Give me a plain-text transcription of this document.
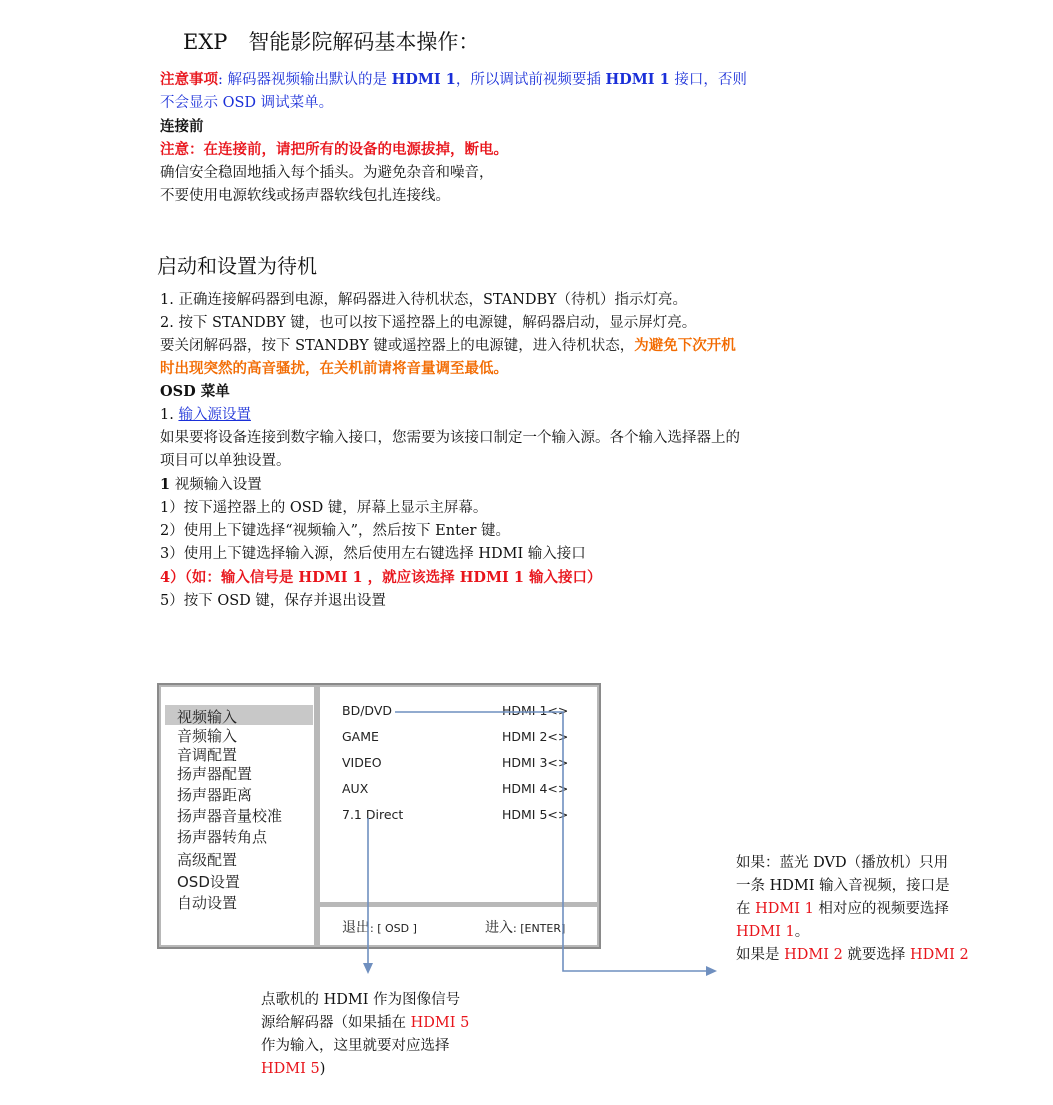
EXP　智能影院解码基本操作：
注意事项: 解码器视频输出默认的是 HDMI 1，所以调试前视频要插 HDMI 1 接口，否则
不会显示 OSD 调试菜单。
连接前
注意：在连接前，请把所有的设备的电源拔掉，断电。
确信安全稳固地插入每个插头。为避免杂音和噪音，
不要使用电源软线或扬声器软线包扎连接线。
启动和设置为待机
1. 正确连接解码器到电源，解码器进入待机状态，STANDBY（待机）指示灯亮。
2. 按下 STANDBY 键，也可以按下遥控器上的电源键，解码器启动，显示屏灯亮。
要关闭解码器，按下 STANDBY 键或遥控器上的电源键，进入待机状态，为避免下次开机
时出现突然的高音骚扰，在关机前请将音量调至最低。
OSD 菜单
1. 输入源设置
如果要将设备连接到数字输入接口，您需要为该接口制定一个输入源。各个输入选择器上的
项目可以单独设置。
1 视频输入设置
1）按下遥控器上的 OSD 键，屏幕上显示主屏幕。
2）使用上下键选择“视频输入”，然后按下 Enter 键。
3）使用上下键选择输入源，然后使用左右键选择 HDMI 输入接口
4）（如：输入信号是 HDMI 1 ，就应该选择 HDMI 1 输入接口）
5）按下 OSD 键，保存并退出设置
视频输入
音频输入
音调配置
扬声器配置
扬声器距离
扬声器音量校准
扬声器转角点
高级配置
OSD设置
自动设置
BD/DVD	HDMI 1<>
GAME	HDMI 2<>
VIDEO	HDMI 3<>
AUX	HDMI 4<>
7.1 Direct	HDMI 5<>
退出: [ OSD ]	进入: [ENTER]
如果：蓝光 DVD（播放机）只用
一条 HDMI 输入音视频，接口是
在 HDMI 1 相对应的视频要选择
HDMI 1。
如果是 HDMI 2 就要选择 HDMI 2
点歌机的 HDMI 作为图像信号
源给解码器（如果插在 HDMI 5
作为输入，这里就要对应选择
HDMI 5)
